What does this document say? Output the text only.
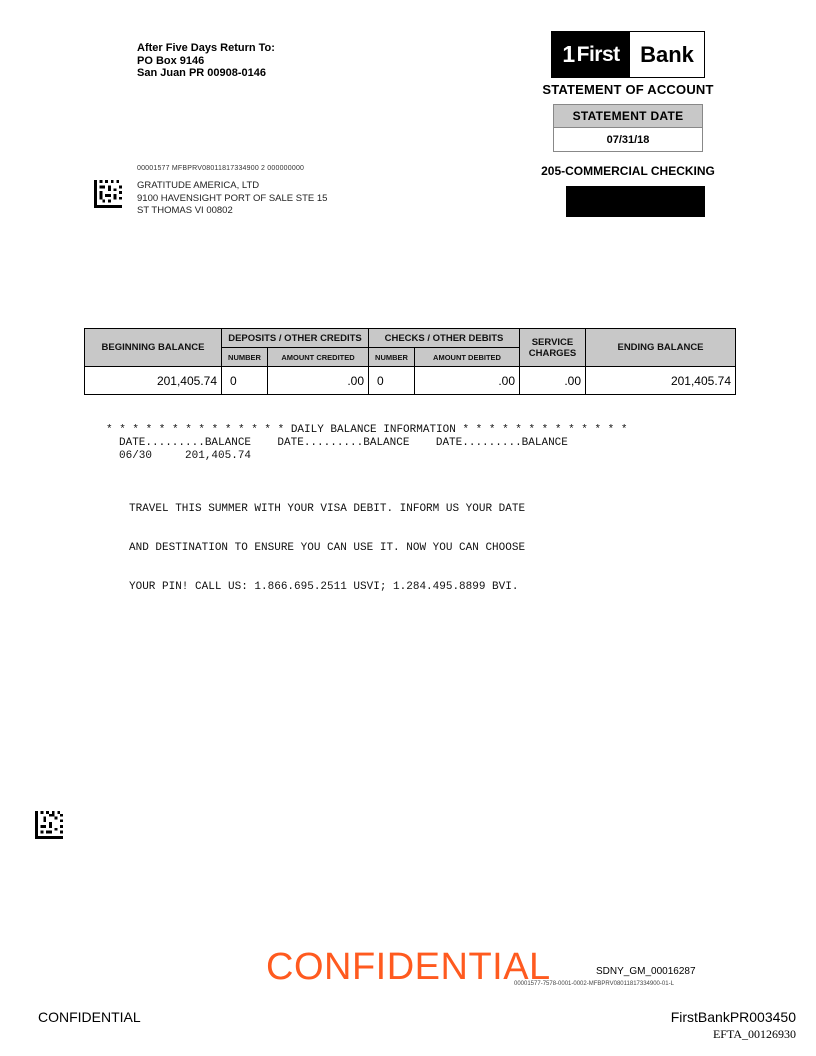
After Five Days Return To:
PO Box 9146
San Juan PR 00908-0146
1 First Bank
STATEMENT OF ACCOUNT
STATEMENT DATE
07/31/18
205-COMMERCIAL CHECKING
00001577 MFBPRV08011817334900 2 000000000
GRATITUDE AMERICA, LTD
9100 HAVENSIGHT PORT OF SALE STE 15
ST THOMAS VI 00802
BEGINNING BALANCE	DEPOSITS / OTHER CREDITS		CHECKS / OTHER DEBITS		SERVICE CHARGES	ENDING BALANCE
	NUMBER	AMOUNT CREDITED	NUMBER	AMOUNT DEBITED		
201,405.74	0	.00	0	.00	.00	201,405.74
* * * * * * * * * * * * * * DAILY BALANCE INFORMATION * * * * * * * * * * * * *
DATE.........BALANCE    DATE.........BALANCE    DATE.........BALANCE
06/30     201,405.74

TRAVEL THIS SUMMER WITH YOUR VISA DEBIT. INFORM US YOUR DATE

AND DESTINATION TO ENSURE YOU CAN USE IT. NOW YOU CAN CHOOSE

YOUR PIN! CALL US: 1.866.695.2511 USVI; 1.284.495.8899 BVI.

CONFIDENTIAL	SDNY_GM_00016287
00001577-7578-0001-0002-MFBPRV08011817334900-01-L
CONFIDENTIAL	FirstBankPR003450
EFTA_00126930
